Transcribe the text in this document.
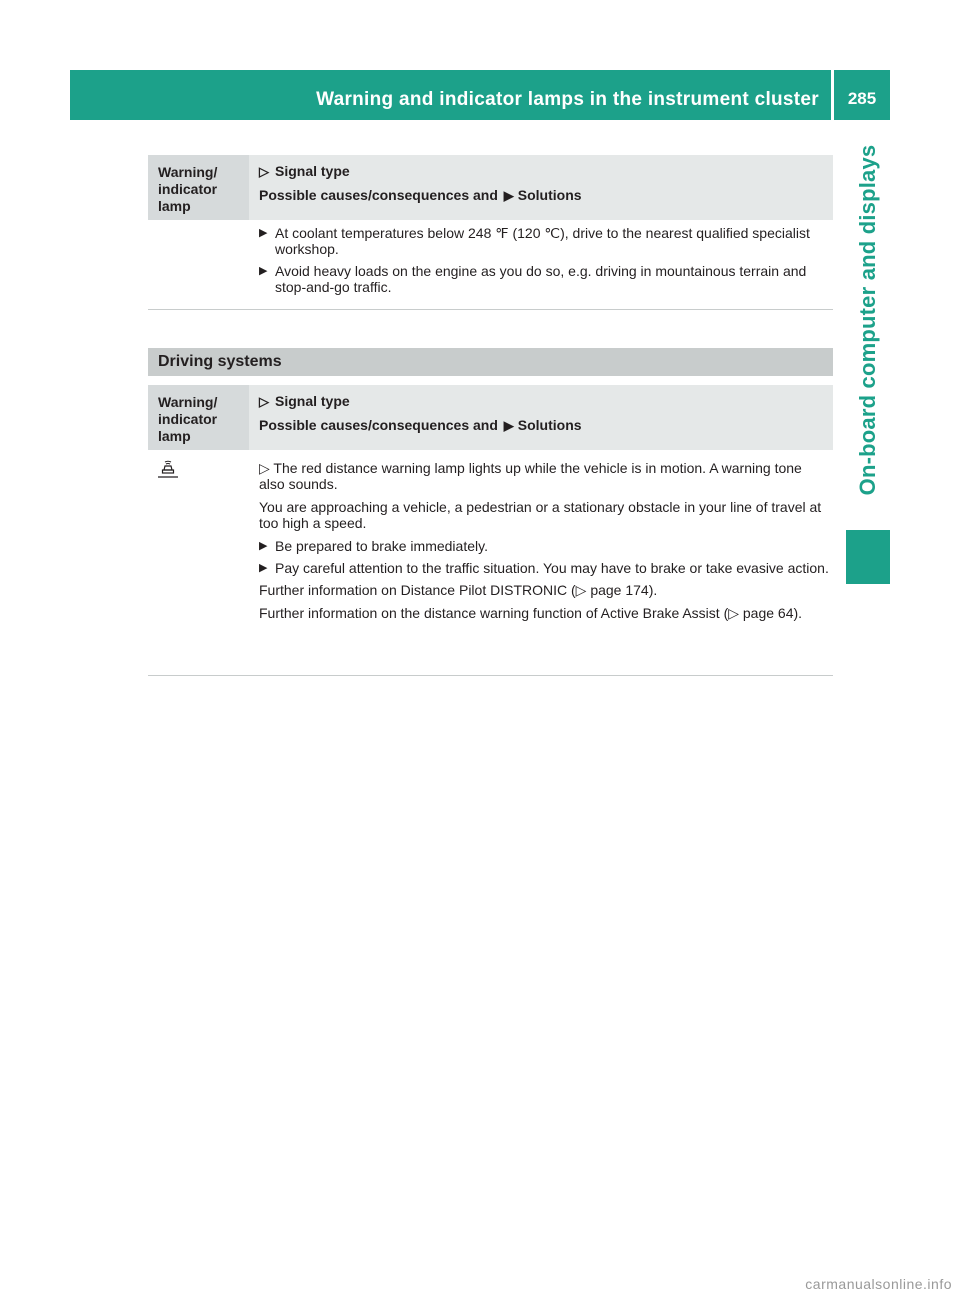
Warning and indicator lamps in the instrument cluster	285
On-board computer and displays
Warning/ indicator lamp
▷ Signal type
Possible causes/consequences and ▶ Solutions
▶ At coolant temperatures below 248 ℉ (120 ℃), drive to the nearest qualified specialist workshop.
▶ Avoid heavy loads on the engine as you do so, e.g. driving in mountainous terrain and stop-and-go traffic.
Driving systems
Warning/ indicator lamp
▷ Signal type
Possible causes/consequences and ▶ Solutions

▷ The red distance warning lamp lights up while the vehicle is in motion. A warning tone also sounds.

You are approaching a vehicle, a pedestrian or a stationary obstacle in your line of travel at too high a speed.

▶ Be prepared to brake immediately.
▶ Pay careful attention to the traffic situation. You may have to brake or take evasive action.

Further information on Distance Pilot DISTRONIC (▷ page 174).

Further information on the distance warning function of Active Brake Assist (▷ page 64).

carmanualsonline.info
